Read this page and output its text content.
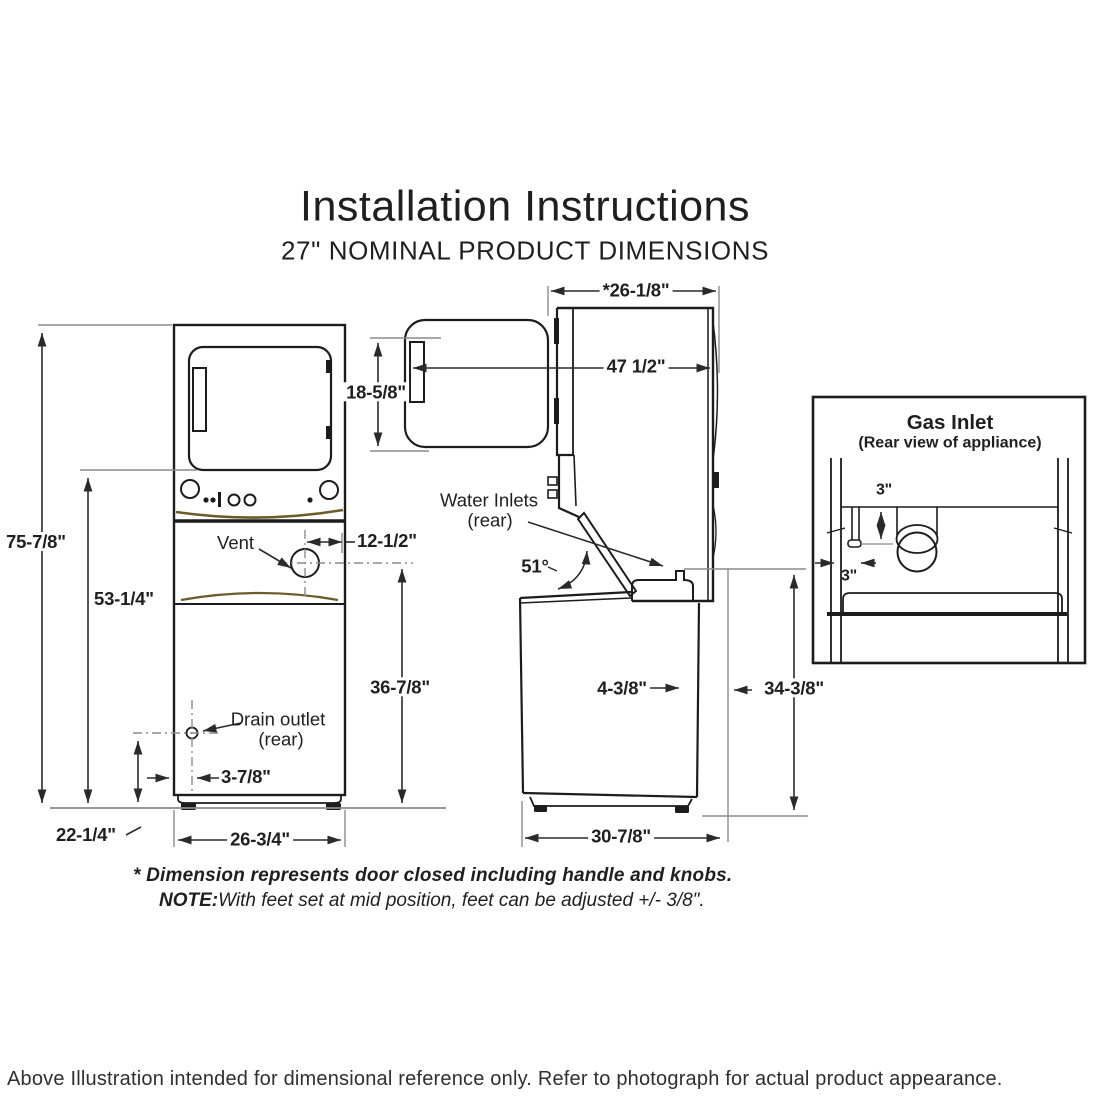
Installation Instructions
27" NOMINAL PRODUCT DIMENSIONS
75-7/8"
53-1/4"
22-1/4"
3-7/8"
26-3/4"
36-7/8"
12-1/2"
Vent
Drain outlet
(rear)
*26-1/8"
47 1/2"
18-5/8"
Water Inlets
(rear)
51°
4-3/8"	34-3/8"
30-7/8"
Gas Inlet
(Rear view of appliance)
3"
3"
* Dimension represents door closed including handle and knobs.
NOTE:With feet set at mid position, feet can be adjusted +/- 3/8".
Above Illustration intended for dimensional reference only. Refer to photograph for actual product appearance.
